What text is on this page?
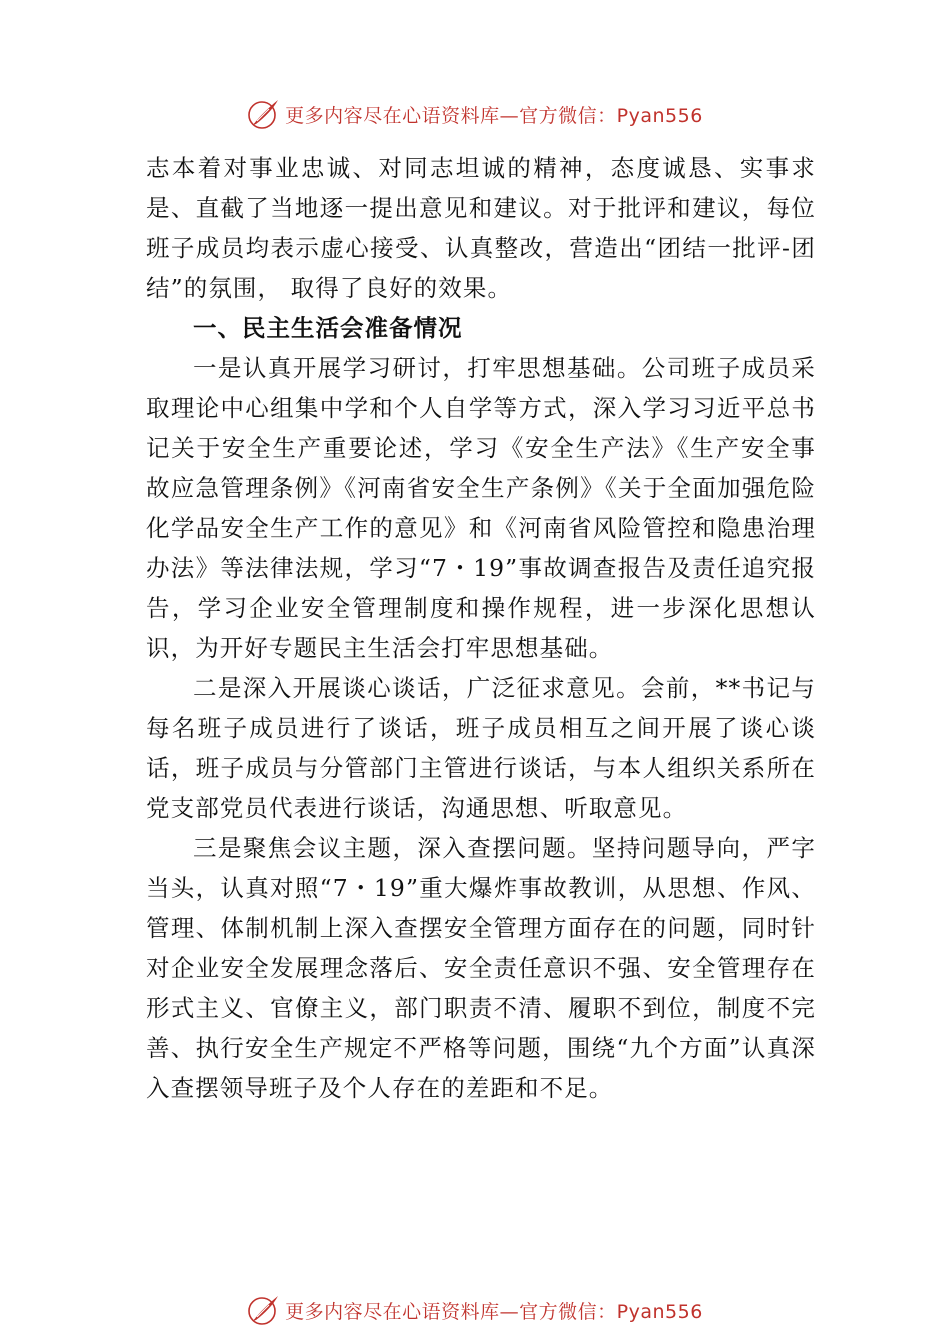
更多内容尽在心语资料库—官方微信：Pyan556

志本着对事业忠诚、对同志坦诚的精神，态度诚恳、实事求是、直截了当地逐一提出意见和建议。对于批评和建议，每位班子成员均表示虚心接受、认真整改，营造出“团结一批评-团结”的氛围， 取得了良好的效果。

一、民主生活会准备情况

一是认真开展学习研讨，打牢思想基础。公司班子成员采取理论中心组集中学和个人自学等方式，深入学习习近平总书记关于安全生产重要论述，学习《安全生产法》《生产安全事故应急管理条例》《河南省安全生产条例》《关于全面加强危险化学品安全生产工作的意见》和《河南省风险管控和隐患治理办法》等法律法规，学习“7・19”事故调查报告及责任追究报告，学习企业安全管理制度和操作规程，进一步深化思想认识，为开好专题民主生活会打牢思想基础。

二是深入开展谈心谈话，广泛征求意见。会前，**书记与每名班子成员进行了谈话，班子成员相互之间开展了谈心谈话，班子成员与分管部门主管进行谈话，与本人组织关系所在党支部党员代表进行谈话，沟通思想、听取意见。

三是聚焦会议主题，深入查摆问题。坚持问题导向，严字当头，认真对照“7・19”重大爆炸事故教训，从思想、作风、管理、体制机制上深入查摆安全管理方面存在的问题，同时针对企业安全发展理念落后、安全责任意识不强、安全管理存在形式主义、官僚主义，部门职责不清、履职不到位，制度不完善、执行安全生产规定不严格等问题，围绕“九个方面”认真深入查摆领导班子及个人存在的差距和不足。

更多内容尽在心语资料库—官方微信：Pyan556
